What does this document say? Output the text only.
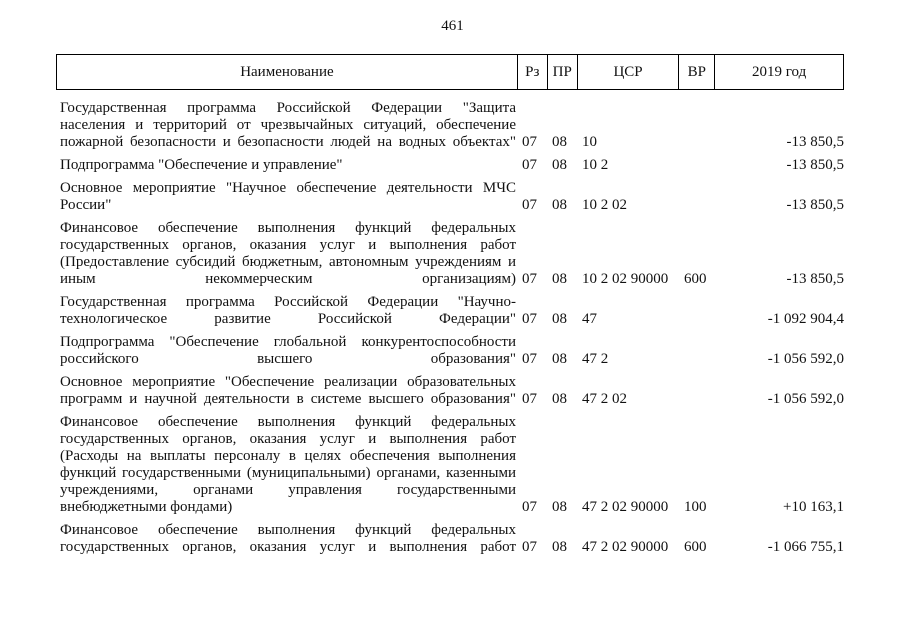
461
Наименование	Рз ПР	ЦСР	ВР	2019 год
Государственная программа Российской Федерации "Защита населения и территорий от чрезвычайных ситуаций, обеспечение пожарной безопасности и безопасности людей на водных объектах" 07 08 10	-13 850,5
Подпрограмма "Обеспечение и управление"	07 08 10 2	-13 850,5
Основное мероприятие "Научное обеспечение деятельности МЧС России"	07 08 10 2 02	-13 850,5
Финансовое обеспечение выполнения функций федеральных государственных органов, оказания услуг и выполнения работ (Предоставление субсидий бюджетным, автономным учреждениям и иным некоммерческим организациям) 07 08 10 2 02 90000 600	-13 850,5
Государственная программа Российской Федерации "Научно-технологическое развитие Российской Федерации" 07 08 47	-1 092 904,4
Подпрограмма "Обеспечение глобальной конкурентоспособности российского высшего образования" 07 08 47 2	-1 056 592,0
Основное мероприятие "Обеспечение реализации образовательных программ и научной деятельности в системе высшего образования" 07 08 47 2 02	-1 056 592,0
Финансовое обеспечение выполнения функций федеральных государственных органов, оказания услуг и выполнения работ (Расходы на выплаты персоналу в целях обеспечения выполнения функций государственными (муниципальными) органами, казенными учреждениями, органами управления государственными внебюджетными фондами)	07 08 47 2 02 90000 100	+10 163,1
Финансовое обеспечение выполнения функций федеральных государственных органов, оказания услуг и выполнения работ 07 08 47 2 02 90000 600	-1 066 755,1
